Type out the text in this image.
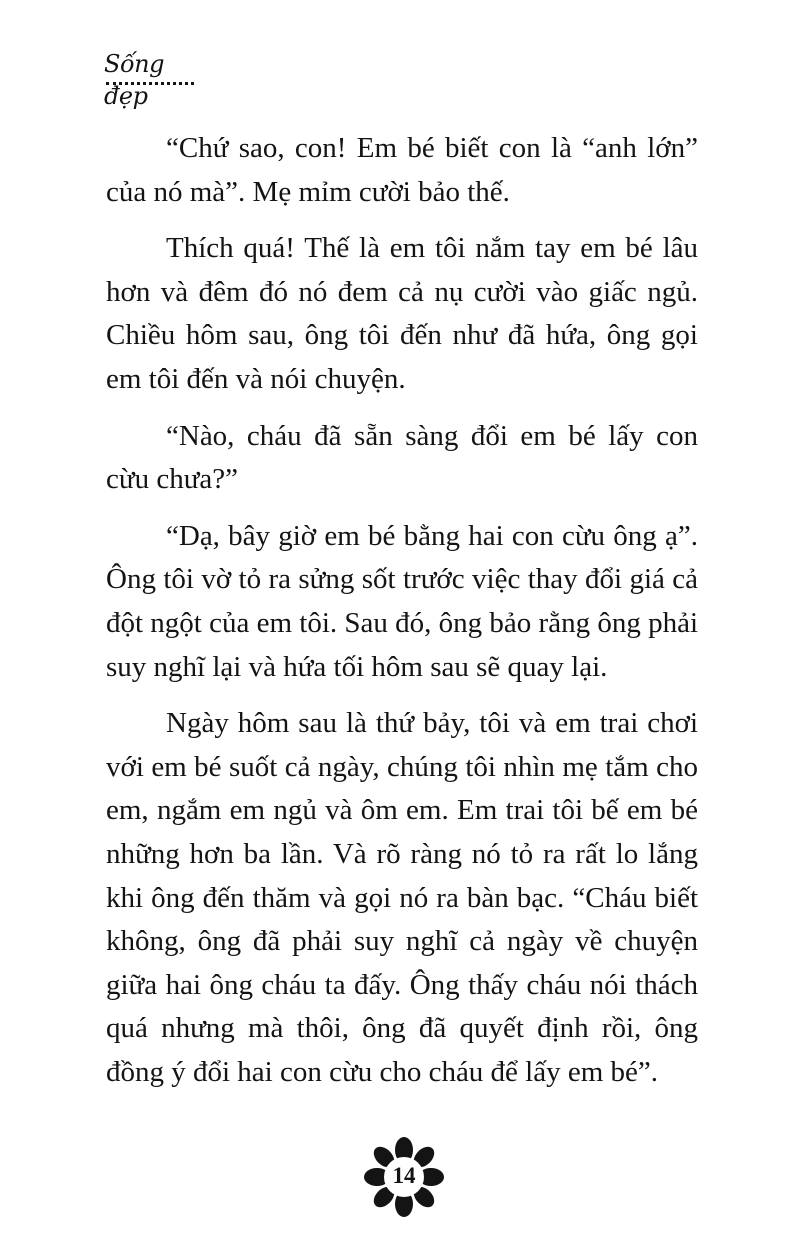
Sống đẹp

“Chứ sao, con! Em bé biết con là “anh lớn” của nó mà”. Mẹ mỉm cười bảo thế.

Thích quá! Thế là em tôi nắm tay em bé lâu hơn và đêm đó nó đem cả nụ cười vào giấc ngủ. Chiều hôm sau, ông tôi đến như đã hứa, ông gọi em tôi đến và nói chuyện.

“Nào, cháu đã sẵn sàng đổi em bé lấy con cừu chưa?”

“Dạ, bây giờ em bé bằng hai con cừu ông ạ”. Ông tôi vờ tỏ ra sửng sốt trước việc thay đổi giá cả đột ngột của em tôi. Sau đó, ông bảo rằng ông phải suy nghĩ lại và hứa tối hôm sau sẽ quay lại.

Ngày hôm sau là thứ bảy, tôi và em trai chơi với em bé suốt cả ngày, chúng tôi nhìn mẹ tắm cho em, ngắm em ngủ và ôm em. Em trai tôi bế em bé những hơn ba lần. Và rõ ràng nó tỏ ra rất lo lắng khi ông đến thăm và gọi nó ra bàn bạc. “Cháu biết không, ông đã phải suy nghĩ cả ngày về chuyện giữa hai ông cháu ta đấy. Ông thấy cháu nói thách quá nhưng mà thôi, ông đã quyết định rồi, ông đồng ý đổi hai con cừu cho cháu để lấy em bé”.

14
